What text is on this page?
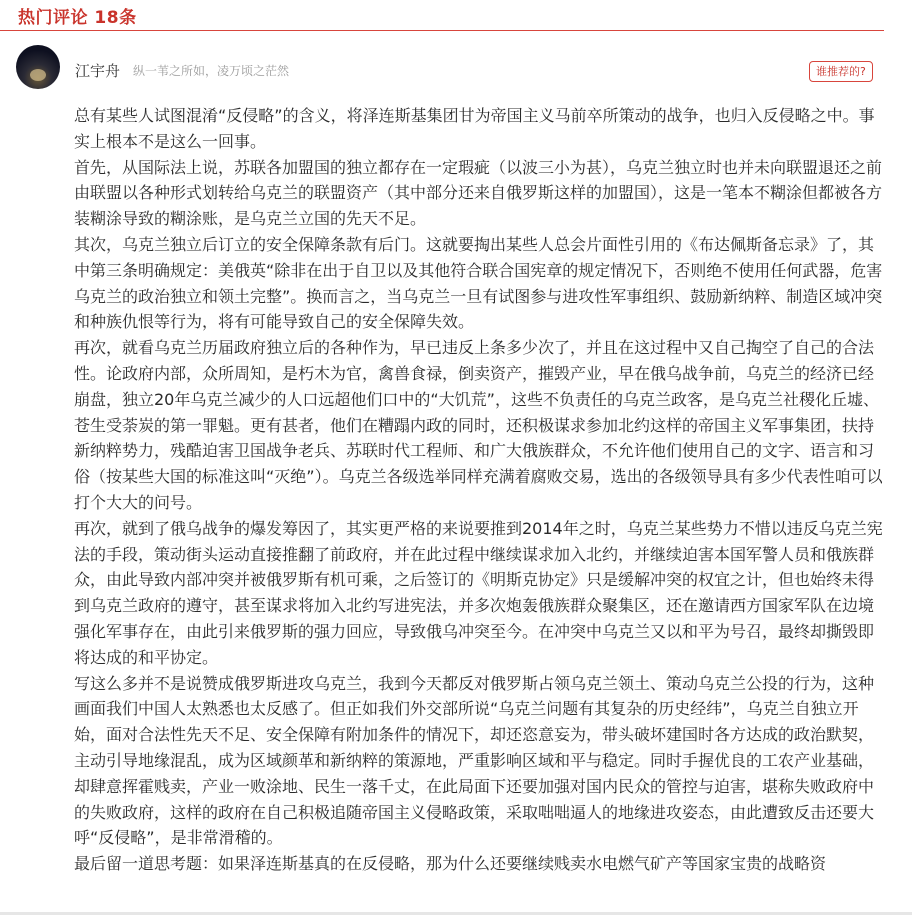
热门评论 18条
江宇舟 纵一苇之所如，凌万顷之茫然	谁推荐的?

总有某些人试图混淆“反侵略”的含义，将泽连斯基集团甘为帝国主义马前卒所策动的战争，也归入反侵略之中。事实上根本不是这么一回事。

首先，从国际法上说，苏联各加盟国的独立都存在一定瑕疵（以波三小为甚），乌克兰独立时也并未向联盟退还之前由联盟以各种形式划转给乌克兰的联盟资产（其中部分还来自俄罗斯这样的加盟国），这是一笔本不糊涂但都被各方装糊涂导致的糊涂账，是乌克兰立国的先天不足。

其次，乌克兰独立后订立的安全保障条款有后门。这就要掏出某些人总会片面性引用的《布达佩斯备忘录》了，其中第三条明确规定：美俄英“除非在出于自卫以及其他符合联合国宪章的规定情况下，否则绝不使用任何武器，危害乌克兰的政治独立和领土完整”。换而言之，当乌克兰一旦有试图参与进攻性军事组织、鼓励新纳粹、制造区域冲突和种族仇恨等行为，将有可能导致自己的安全保障失效。

再次，就看乌克兰历届政府独立后的各种作为，早已违反上条多少次了，并且在这过程中又自己掏空了自己的合法性。论政府内部，众所周知，是朽木为官，禽兽食禄，倒卖资产，摧毁产业，早在俄乌战争前，乌克兰的经济已经崩盘，独立20年乌克兰减少的人口远超他们口中的“大饥荒”，这些不负责任的乌克兰政客，是乌克兰社稷化丘墟、苍生受荼炭的第一罪魁。更有甚者，他们在糟蹋内政的同时，还积极谋求参加北约这样的帝国主义军事集团，扶持新纳粹势力，残酷迫害卫国战争老兵、苏联时代工程师、和广大俄族群众，不允许他们使用自己的文字、语言和习俗（按某些大国的标准这叫“灭绝”）。乌克兰各级选举同样充满着腐败交易，选出的各级领导具有多少代表性咱可以打个大大的问号。

再次，就到了俄乌战争的爆发筹因了，其实更严格的来说要推到2014年之时，乌克兰某些势力不惜以违反乌克兰宪法的手段，策动街头运动直接推翻了前政府，并在此过程中继续谋求加入北约，并继续迫害本国军警人员和俄族群众，由此导致内部冲突并被俄罗斯有机可乘，之后签订的《明斯克协定》只是缓解冲突的权宜之计，但也始终未得到乌克兰政府的遵守，甚至谋求将加入北约写进宪法，并多次炮轰俄族群众聚集区，还在邀请西方国家军队在边境强化军事存在，由此引来俄罗斯的强力回应，导致俄乌冲突至今。在冲突中乌克兰又以和平为号召，最终却撕毁即将达成的和平协定。

写这么多并不是说赞成俄罗斯进攻乌克兰，我到今天都反对俄罗斯占领乌克兰领土、策动乌克兰公投的行为，这种画面我们中国人太熟悉也太反感了。但正如我们外交部所说“乌克兰问题有其复杂的历史经纬”，乌克兰自独立开始，面对合法性先天不足、安全保障有附加条件的情况下，却还恣意妄为，带头破坏建国时各方达成的政治默契，主动引导地缘混乱，成为区域颜革和新纳粹的策源地，严重影响区域和平与稳定。同时手握优良的工农产业基础，却肆意挥霍贱卖，产业一败涂地、民生一落千丈，在此局面下还要加强对国内民众的管控与迫害，堪称失败政府中的失败政府，这样的政府在自己积极追随帝国主义侵略政策，采取咄咄逼人的地缘进攻姿态，由此遭致反击还要大呼“反侵略”，是非常滑稽的。

最后留一道思考题：如果泽连斯基真的在反侵略，那为什么还要继续贱卖水电燃气矿产等国家宝贵的战略资
